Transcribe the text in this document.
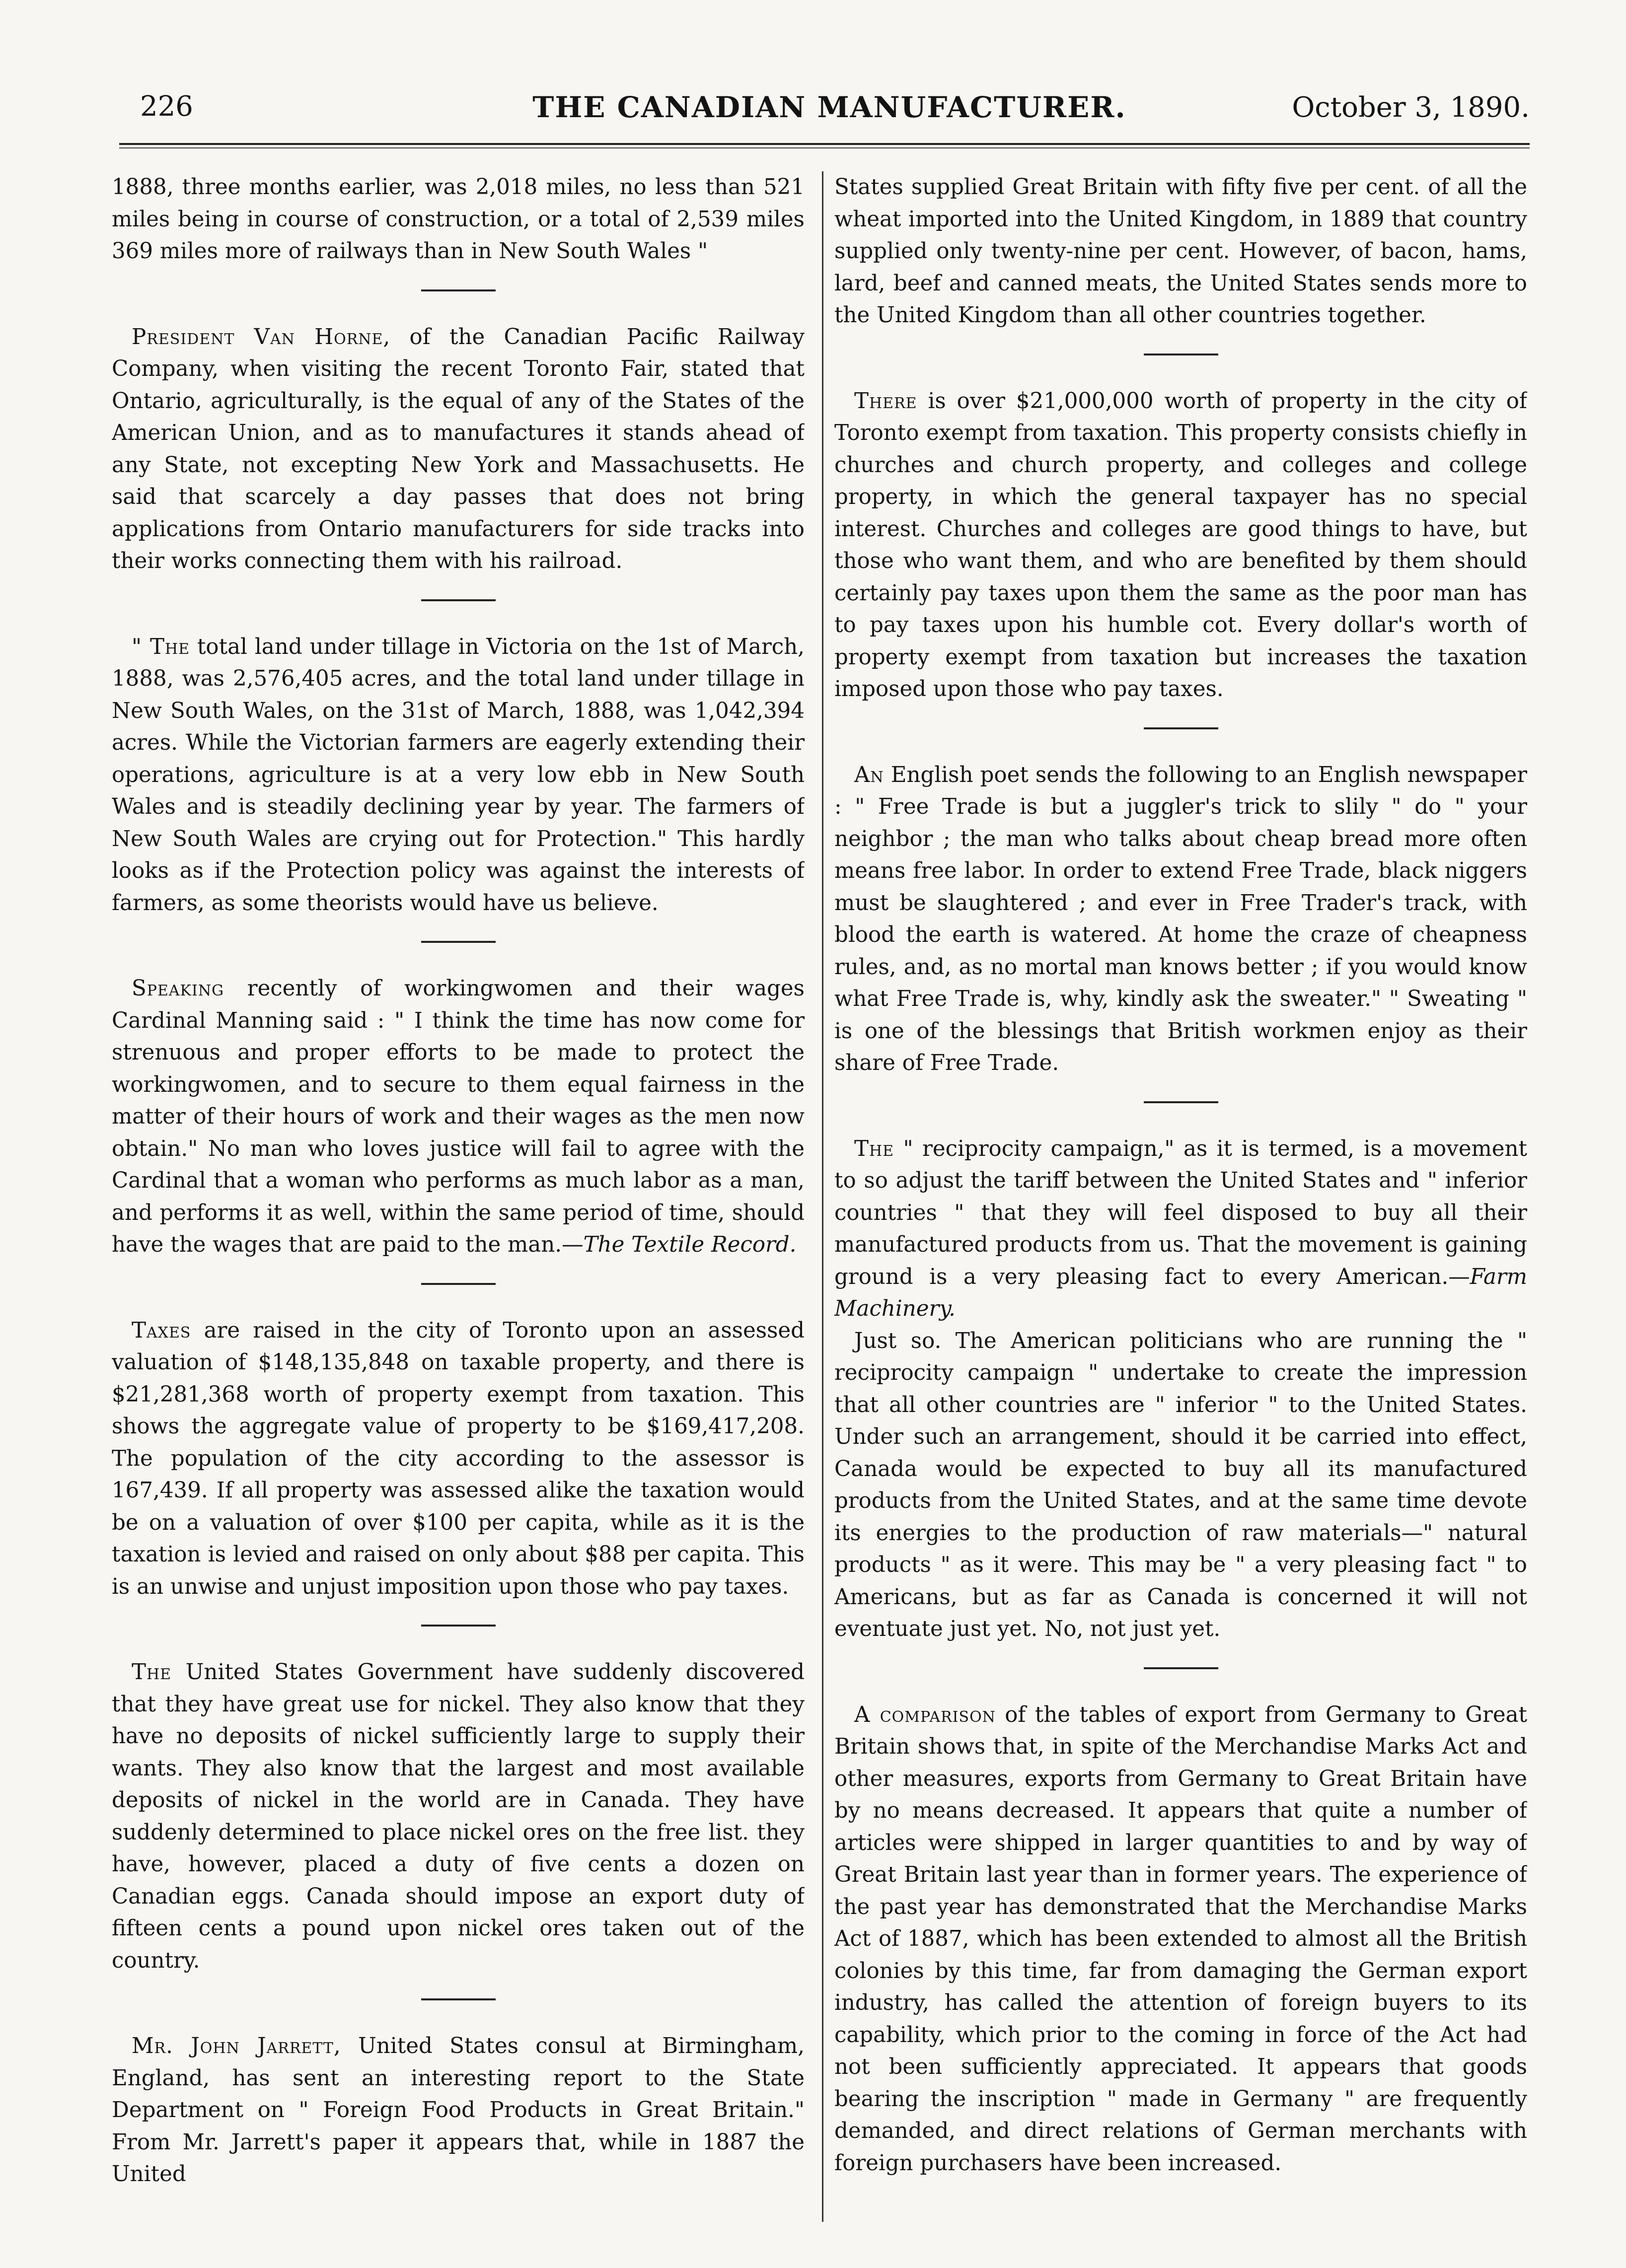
226	THE CANADIAN MANUFACTURER.	October 3, 1890.

1888, three months earlier, was 2,018 miles, no less than 521 miles being in course of construction, or a total of 2,539 miles 369 miles more of railways than in New South Wales "

President Van Horne, of the Canadian Pacific Railway Company, when visiting the recent Toronto Fair, stated that Ontario, agriculturally, is the equal of any of the States of the American Union, and as to manufactures it stands ahead of any State, not excepting New York and Massachusetts. He said that scarcely a day passes that does not bring applications from Ontario manufacturers for side tracks into their works connecting them with his railroad.

" The total land under tillage in Victoria on the 1st of March, 1888, was 2,576,405 acres, and the total land under tillage in New South Wales, on the 31st of March, 1888, was 1,042,394 acres. While the Victorian farmers are eagerly extending their operations, agriculture is at a very low ebb in New South Wales and is steadily declining year by year. The farmers of New South Wales are crying out for Protection." This hardly looks as if the Protection policy was against the interests of farmers, as some theorists would have us believe.

Speaking recently of workingwomen and their wages Cardinal Manning said : " I think the time has now come for strenuous and proper efforts to be made to protect the workingwomen, and to secure to them equal fairness in the matter of their hours of work and their wages as the men now obtain." No man who loves justice will fail to agree with the Cardinal that a woman who performs as much labor as a man, and performs it as well, within the same period of time, should have the wages that are paid to the man.—The Textile Record.

Taxes are raised in the city of Toronto upon an assessed valuation of $148,135,848 on taxable property, and there is $21,281,368 worth of property exempt from taxation. This shows the aggregate value of property to be $169,417,208. The population of the city according to the assessor is 167,439. If all property was assessed alike the taxation would be on a valuation of over $100 per capita, while as it is the taxation is levied and raised on only about $88 per capita. This is an unwise and unjust imposition upon those who pay taxes.

The United States Government have suddenly discovered that they have great use for nickel. They also know that they have no deposits of nickel sufficiently large to supply their wants. They also know that the largest and most available deposits of nickel in the world are in Canada. They have suddenly determined to place nickel ores on the free list. they have, however, placed a duty of five cents a dozen on Canadian eggs. Canada should impose an export duty of fifteen cents a pound upon nickel ores taken out of the country.

Mr. John Jarrett, United States consul at Birmingham, England, has sent an interesting report to the State Department on " Foreign Food Products in Great Britain." From Mr. Jarrett's paper it appears that, while in 1887 the United

States supplied Great Britain with fifty five per cent. of all the wheat imported into the United Kingdom, in 1889 that country supplied only twenty-nine per cent. However, of bacon, hams, lard, beef and canned meats, the United States sends more to the United Kingdom than all other countries together.

There is over $21,000,000 worth of property in the city of Toronto exempt from taxation. This property consists chiefly in churches and church property, and colleges and college property, in which the general taxpayer has no special interest. Churches and colleges are good things to have, but those who want them, and who are benefited by them should certainly pay taxes upon them the same as the poor man has to pay taxes upon his humble cot. Every dollar's worth of property exempt from taxation but increases the taxation imposed upon those who pay taxes.

An English poet sends the following to an English newspaper : " Free Trade is but a juggler's trick to slily " do " your neighbor ; the man who talks about cheap bread more often means free labor. In order to extend Free Trade, black niggers must be slaughtered ; and ever in Free Trader's track, with blood the earth is watered. At home the craze of cheapness rules, and, as no mortal man knows better ; if you would know what Free Trade is, why, kindly ask the sweater." " Sweating " is one of the blessings that British workmen enjoy as their share of Free Trade.

The " reciprocity campaign," as it is termed, is a movement to so adjust the tariff between the United States and " inferior countries " that they will feel disposed to buy all their manufactured products from us. That the movement is gaining ground is a very pleasing fact to every American.—Farm Machinery.

Just so. The American politicians who are running the " reciprocity campaign " undertake to create the impression that all other countries are " inferior " to the United States. Under such an arrangement, should it be carried into effect, Canada would be expected to buy all its manufactured products from the United States, and at the same time devote its energies to the production of raw materials—" natural products " as it were. This may be " a very pleasing fact " to Americans, but as far as Canada is concerned it will not eventuate just yet. No, not just yet.

A comparison of the tables of export from Germany to Great Britain shows that, in spite of the Merchandise Marks Act and other measures, exports from Germany to Great Britain have by no means decreased. It appears that quite a number of articles were shipped in larger quantities to and by way of Great Britain last year than in former years. The experience of the past year has demonstrated that the Merchandise Marks Act of 1887, which has been extended to almost all the British colonies by this time, far from damaging the German export industry, has called the attention of foreign buyers to its capability, which prior to the coming in force of the Act had not been sufficiently appreciated. It appears that goods bearing the inscription " made in Germany " are frequently demanded, and direct relations of German merchants with foreign purchasers have been increased.
